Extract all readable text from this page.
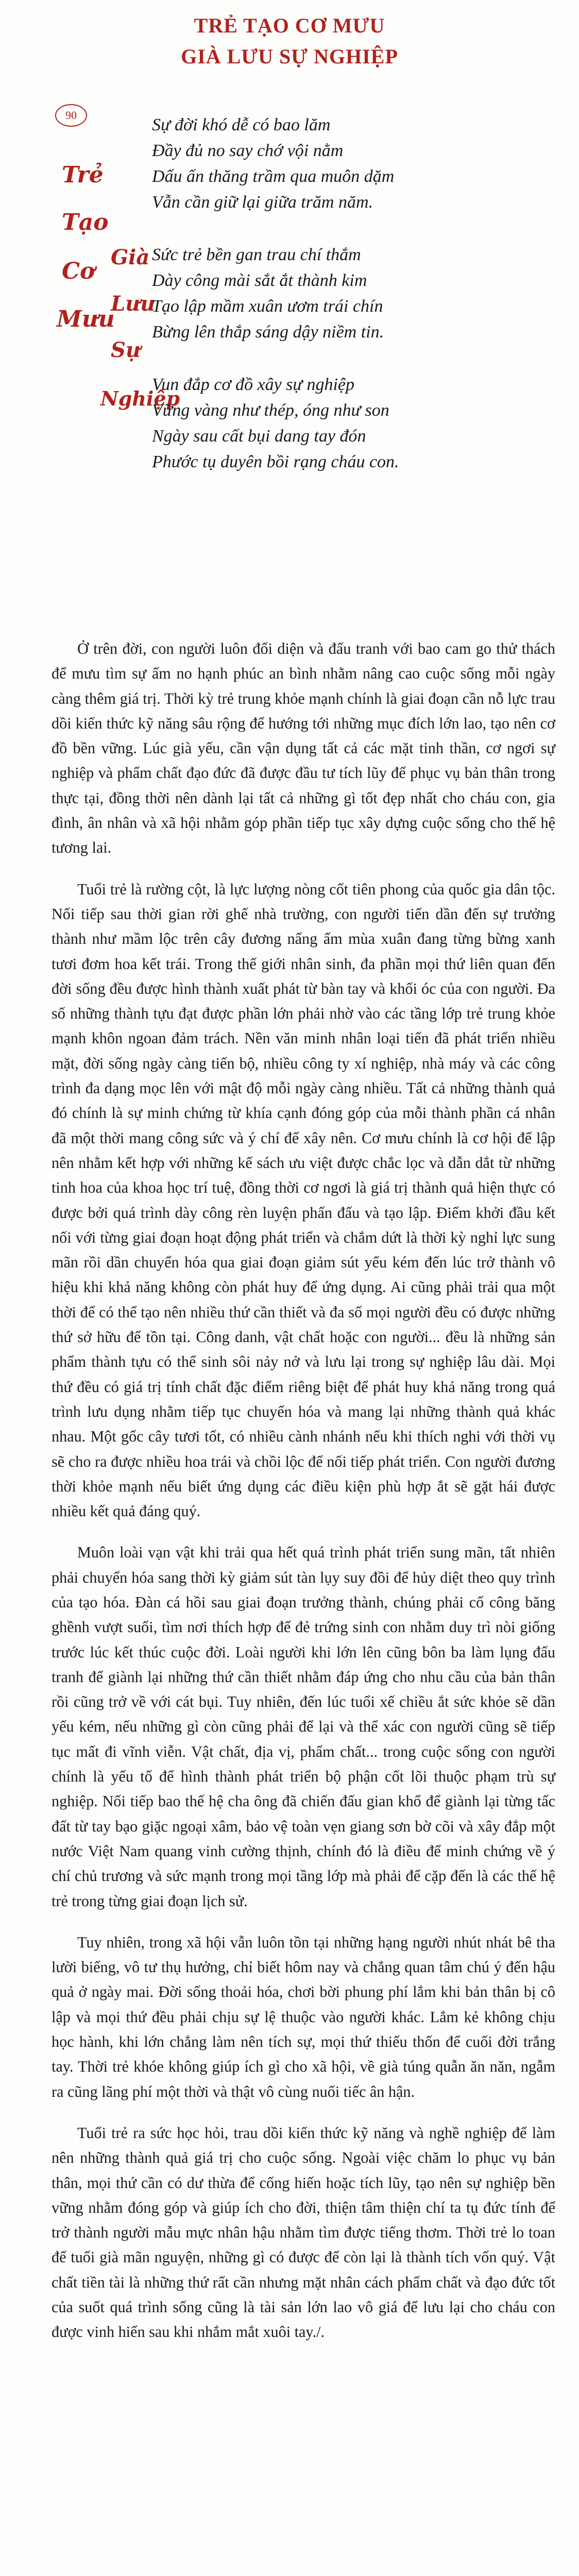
TRẺ TẠO CƠ MƯU
GIÀ LƯU SỰ NGHIỆP
90
Trẻ
Tạo
Cơ
Mưu
Già
Lưu
Sự
Nghiệp
Sự đời khó dễ có bao lăm
Đầy đủ no say chớ vội nằm
Dấu ấn thăng trầm qua muôn dặm
Vẫn cần giữ lại giữa trăm năm.
Sức trẻ bền gan trau chí thắm
Dày công mài sắt ắt thành kim
Tạo lập mầm xuân ươm trái chín
Bừng lên thắp sáng dậy niềm tin.
Vun đắp cơ đồ xây sự nghiệp
Vững vàng như thép, óng như son
Ngày sau cất bụi dang tay đón
Phước tụ duyên bồi rạng cháu con.

Ở trên đời, con người luôn đối diện và đấu tranh với bao cam go thử thách để mưu tìm sự ấm no hạnh phúc an bình nhằm nâng cao cuộc sống mỗi ngày càng thêm giá trị. Thời kỳ trẻ trung khỏe mạnh chính là giai đoạn cần nỗ lực trau dồi kiến thức kỹ năng sâu rộng để hướng tới những mục đích lớn lao, tạo nên cơ đồ bền vững. Lúc già yếu, cần vận dụng tất cả các mặt tinh thần, cơ ngơi sự nghiệp và phẩm chất đạo đức đã được đầu tư tích lũy để phục vụ bản thân trong thực tại, đồng thời nên dành lại tất cả những gì tốt đẹp nhất cho cháu con, gia đình, ân nhân và xã hội nhằm góp phần tiếp tục xây dựng cuộc sống cho thế hệ tương lai.

Tuổi trẻ là rường cột, là lực lượng nòng cốt tiên phong của quốc gia dân tộc. Nối tiếp sau thời gian rời ghế nhà trường, con người tiến dần đến sự trưởng thành như mầm lộc trên cây đương nẩng ấm mùa xuân đang từng bừng xanh tươi đơm hoa kết trái. Trong thế giới nhân sinh, đa phần mọi thứ liên quan đến đời sống đều được hình thành xuất phát từ bàn tay và khối óc của con người. Đa số những thành tựu đạt được phần lớn phải nhờ vào các tầng lớp trẻ trung khỏe mạnh khôn ngoan đảm trách. Nền văn minh nhân loại tiến đã phát triển nhiều mặt, đời sống ngày càng tiến bộ, nhiều công ty xí nghiệp, nhà máy và các công trình đa dạng mọc lên với mật độ mỗi ngày càng nhiều. Tất cả những thành quả đó chính là sự minh chứng từ khía cạnh đóng góp của mỗi thành phần cá nhân đã một thời mang công sức và ý chí để xây nên. Cơ mưu chính là cơ hội để lập nên nhằm kết hợp với những kế sách ưu việt được chắc lọc và dẫn dắt từ những tinh hoa của khoa học trí tuệ, đồng thời cơ ngơi là giá trị thành quả hiện thực có được bởi quá trình dày công rèn luyện phấn đấu và tạo lập. Điểm khởi đầu kết nối với từng giai đoạn hoạt động phát triển và chắm dứt là thời kỳ nghỉ lực sung mãn rồi dần chuyển hóa qua giai đoạn giảm sút yếu kém đến lúc trở thành vô hiệu khi khả năng không còn phát huy để ứng dụng. Ai cũng phải trải qua một thời để có thể tạo nên nhiều thứ cần thiết và đa số mọi người đều có được những thứ sở hữu để tồn tại. Công danh, vật chất hoặc con người... đều là những sản phẩm thành tựu có thể sinh sôi nảy nở và lưu lại trong sự nghiệp lâu dài. Mọi thứ đều có giá trị tính chất đặc điểm riêng biệt để phát huy khả năng trong quá trình lưu dụng nhằm tiếp tục chuyển hóa và mang lại những thành quả khác nhau. Một gốc cây tươi tốt, có nhiều cành nhánh nếu khi thích nghi với thời vụ sẽ cho ra được nhiều hoa trái và chồi lộc để nối tiếp phát triển. Con người đương thời khỏe mạnh nếu biết ứng dụng các điều kiện phù hợp ắt sẽ gặt hái được nhiều kết quả đáng quý.

Muôn loài vạn vật khi trải qua hết quá trình phát triển sung mãn, tất nhiên phải chuyển hóa sang thời kỳ giảm sút tàn lụy suy đồi để hủy diệt theo quy trình của tạo hóa. Đàn cá hồi sau giai đoạn trưởng thành, chúng phải cố công băng ghềnh vượt suối, tìm nơi thích hợp để đẻ trứng sinh con nhằm duy trì nòi giống trước lúc kết thúc cuộc đời. Loài người khi lớn lên cũng bôn ba làm lụng đấu tranh để giành lại những thứ cần thiết nhằm đáp ứng cho nhu cầu của bản thân rồi cũng trở về với cát bụi. Tuy nhiên, đến lúc tuổi xế chiều ắt sức khỏe sẽ dần yếu kém, nếu những gì còn cũng phải để lại và thể xác con người cũng sẽ tiếp tục mất đi vĩnh viễn. Vật chất, địa vị, phẩm chất... trong cuộc sống con người chính là yếu tố để hình thành phát triển bộ phận cốt lõi thuộc phạm trù sự nghiệp. Nối tiếp bao thế hệ cha ông đã chiến đấu gian khổ để giành lại từng tấc đất từ tay bạo giặc ngoại xâm, bảo vệ toàn vẹn giang sơn bờ cõi và xây đắp một nước Việt Nam quang vinh cường thịnh, chính đó là điều để minh chứng về ý chí chủ trương và sức mạnh trong mọi tầng lớp mà phải để cặp đến là các thế hệ trẻ trong từng giai đoạn lịch sử.

Tuy nhiên, trong xã hội vẫn luôn tồn tại những hạng người nhút nhát bê tha lười biếng, vô tư thụ hưởng, chỉ biết hôm nay và chẳng quan tâm chú ý đến hậu quả ở ngày mai. Đời sống thoải hóa, chơi bời phung phí lắm khi bản thân bị cô lập và mọi thứ đều phải chịu sự lệ thuộc vào người khác. Lắm kẻ không chịu học hành, khi lớn chẳng làm nên tích sự, mọi thứ thiếu thốn để cuối đời trắng tay. Thời trẻ khóe không giúp ích gì cho xã hội, về già túng quẫn ăn năn, ngẫm ra cũng lãng phí một thời và thật vô cùng nuối tiếc ân hận.

Tuổi trẻ ra sức học hỏi, trau dồi kiến thức kỹ năng và nghề nghiệp để làm nên những thành quả giá trị cho cuộc sống. Ngoài việc chăm lo phục vụ bản thân, mọi thứ cần có dư thừa để cống hiến hoặc tích lũy, tạo nên sự nghiệp bền vững nhằm đóng góp và giúp ích cho đời, thiện tâm thiện chí ta tụ đức tính để trở thành người mẫu mực nhân hậu nhằm tìm được tiếng thơm. Thời trẻ lo toan để tuổi già mãn nguyện, những gì có được để còn lại là thành tích vốn quý. Vật chất tiền tài là những thứ rất cần nhưng mặt nhân cách phẩm chất và đạo đức tốt của suốt quá trình sống cũng là tài sản lớn lao vô giá để lưu lại cho cháu con được vinh hiển sau khi nhắm mắt xuôi tay./.
